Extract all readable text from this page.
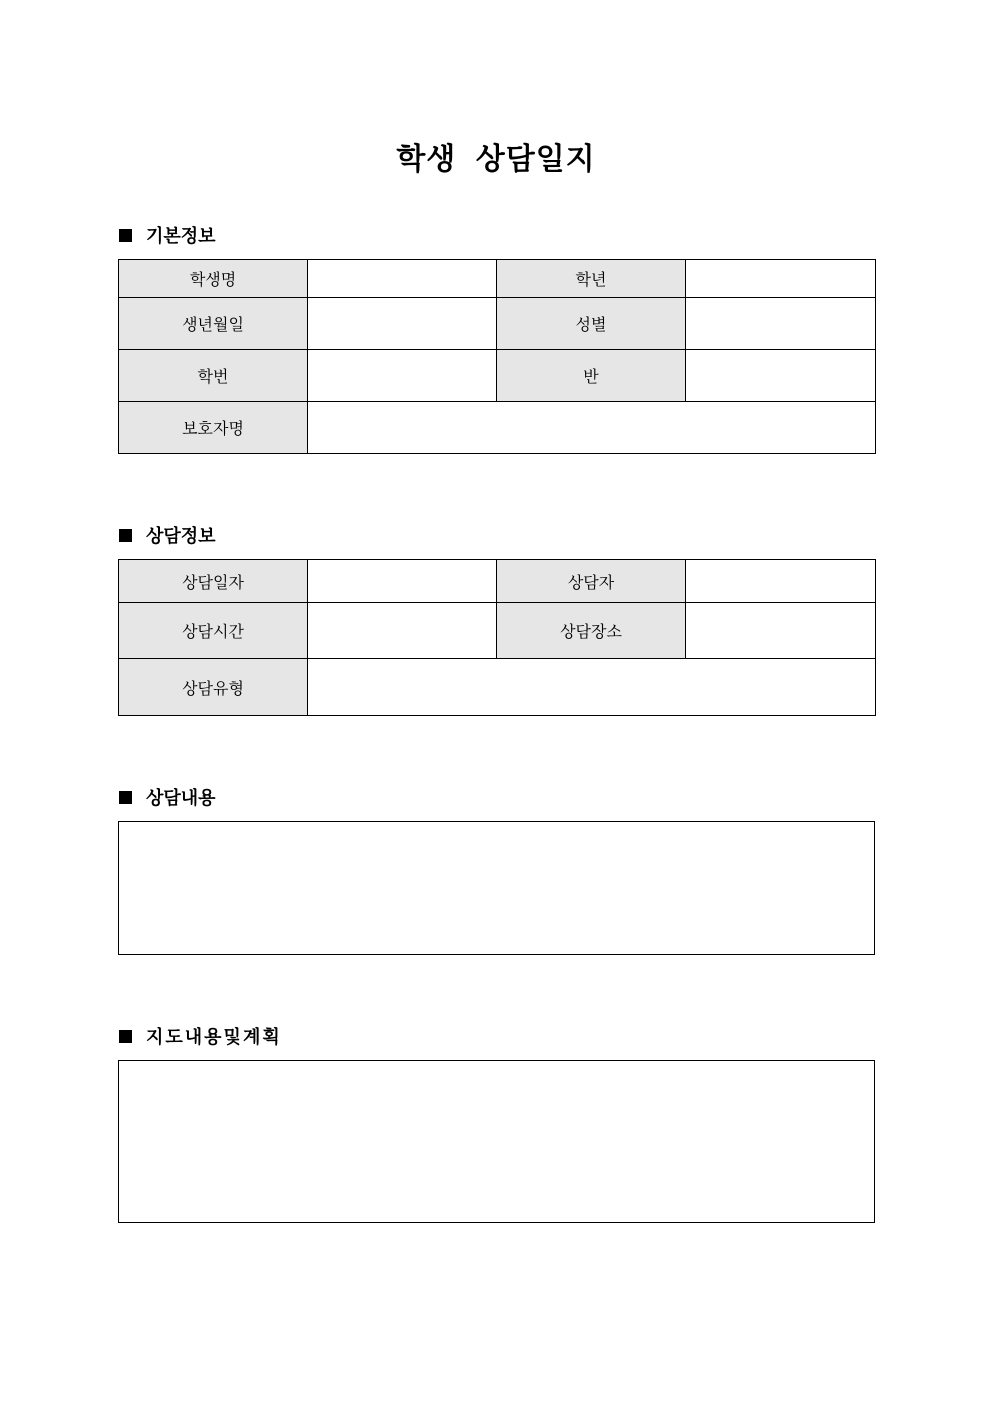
학생 상담일지
기본정보
학생명		학년	
생년월일		성별	
학번		반	
보호자명			
상담정보
상담일자		상담자	
상담시간		상담장소	
상담유형			
상담내용
지도내용및계획
